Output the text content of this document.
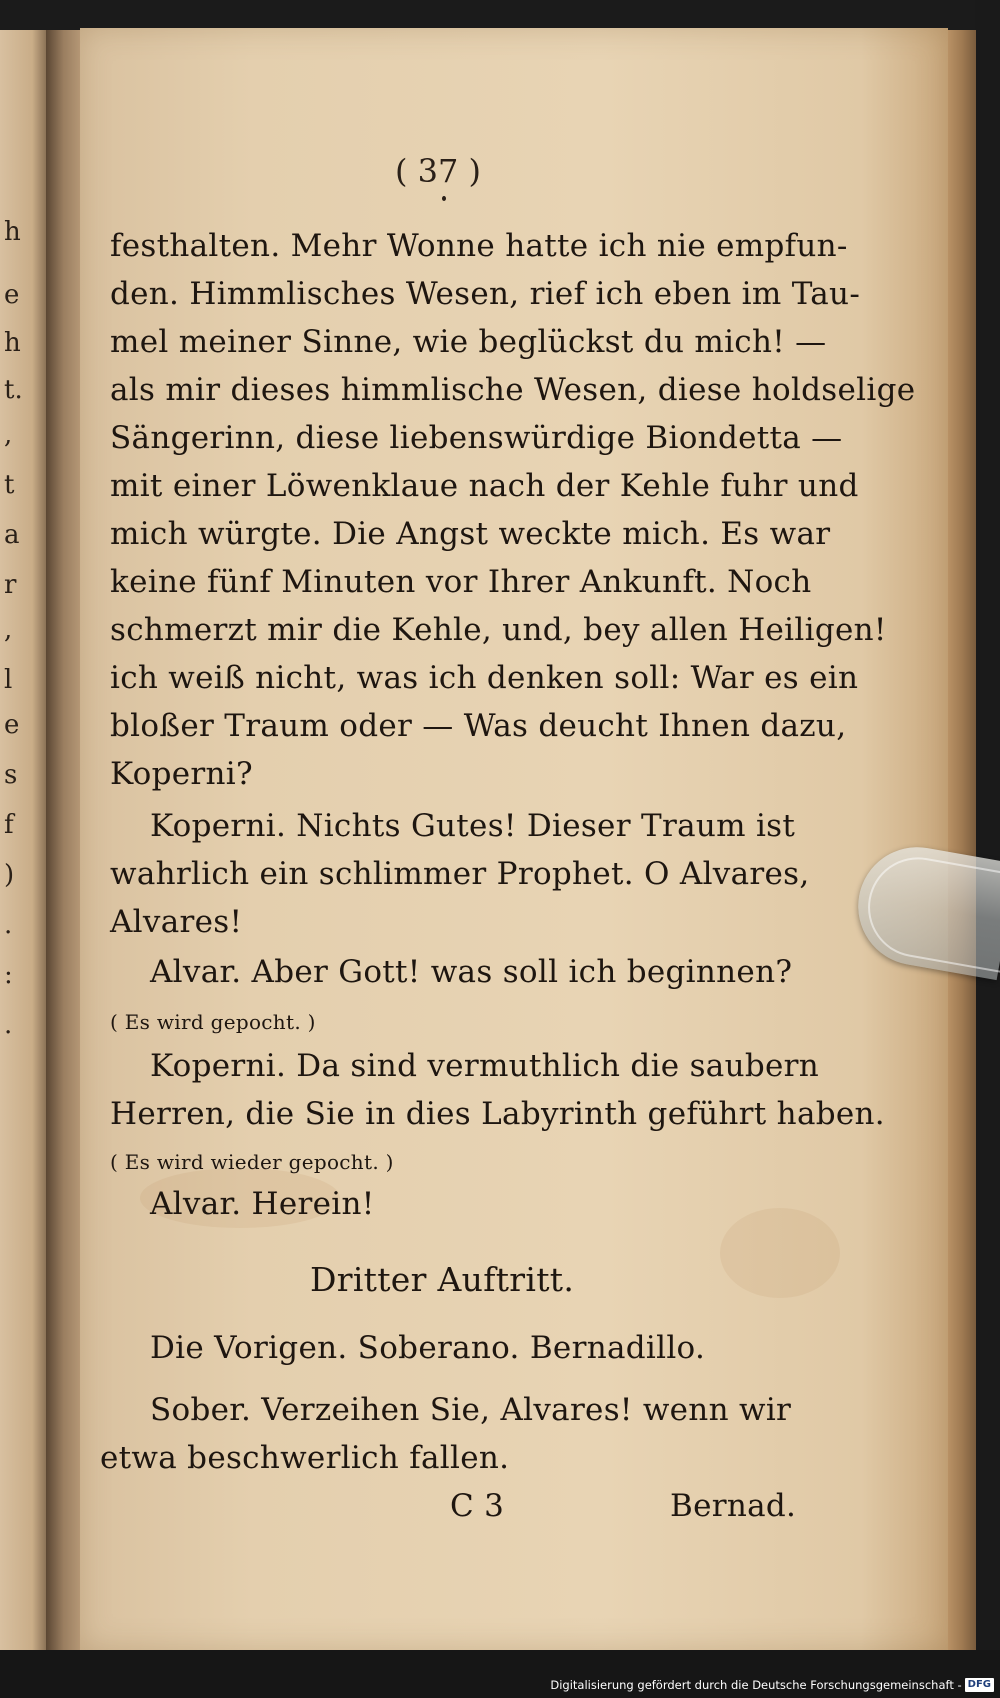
h
e
h
t.
,
t
a
r
,
l
e
s
f
)
.
:
.
( 37 )
festhalten. Mehr Wonne hatte ich nie empfun-
den. Himmlisches Wesen, rief ich eben im Tau-
mel meiner Sinne, wie beglückst du mich! —
als mir dieses himmlische Wesen, diese holdselige
Sängerinn, diese liebenswürdige Biondetta —
mit einer Löwenklaue nach der Kehle fuhr und
mich würgte. Die Angst weckte mich. Es war
keine fünf Minuten vor Ihrer Ankunft. Noch
schmerzt mir die Kehle, und, bey allen Heiligen!
ich weiß nicht, was ich denken soll: War es ein
bloßer Traum oder — Was deucht Ihnen dazu,
Koperni?
Koperni. Nichts Gutes! Dieser Traum ist
wahrlich ein schlimmer Prophet. O Alvares,
Alvares!
Alvar. Aber Gott! was soll ich beginnen?
( Es wird gepocht. )
Koperni. Da sind vermuthlich die saubern
Herren, die Sie in dies Labyrinth geführt haben.
( Es wird wieder gepocht. )
Alvar. Herein!
Dritter Auftritt.
Die Vorigen. Soberano. Bernadillo.
Sober. Verzeihen Sie, Alvares! wenn wir
etwa beschwerlich fallen.
C 3	Bernad.
Digitalisierung gefördert durch die Deutsche Forschungsgemeinschaft - DFG
